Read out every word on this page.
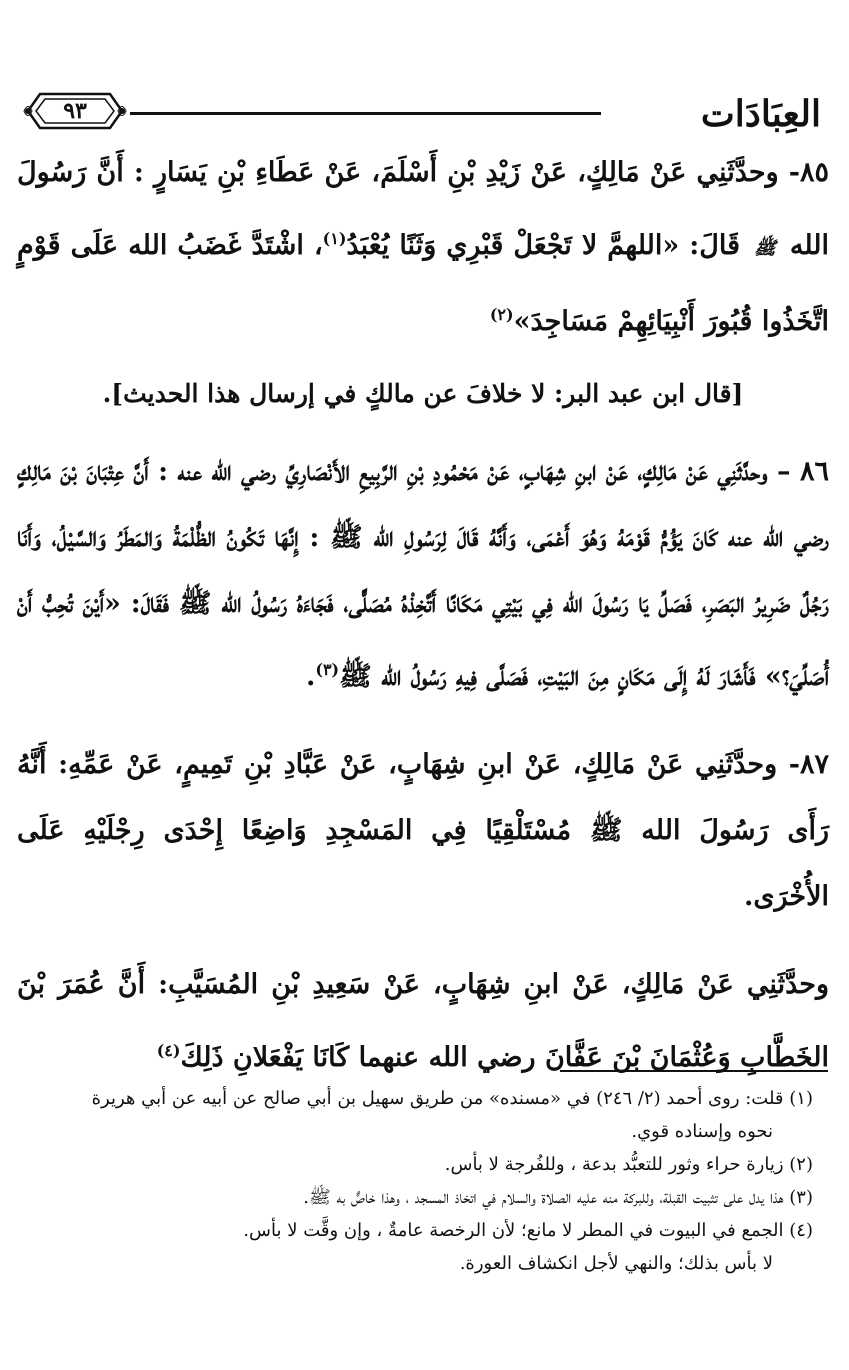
العِبَادَات
٩٣

٨٥- وحدَّثَنِي عَنْ مَالِكٍ، عَنْ زَيْدِ بْنِ أَسْلَمَ، عَنْ عَطَاءِ بْنِ يَسَارٍ : أَنَّ رَسُولَ الله ﷺ قَالَ: «اللهمَّ لا تَجْعَلْ قَبْرِي وَثَنًا يُعْبَدُ$^{(١)}$، اشْتَدَّ غَضَبُ الله عَلَى قَوْمٍ اتَّخَذُوا قُبُورَ أَنْبِيَائِهِمْ مَسَاجِدَ»$^{(٢)}$

[قال ابن عبد البر: لا خلافَ عن مالكٍ في إرسال هذا الحديث].

٨٦ – وحدَّثَنِي عَنْ مَالِكٍ، عَنْ ابنِ شِهَابٍ، عَنْ مَحْمُودِ بْنِ الرَّبِيعِ الأَنْصَارِيِّ رضي الله عنه : أَنَّ عِتْبَانَ بْنَ مَالِكٍ رضي الله عنه كَانَ يَؤُمُّ قَوْمَهُ وَهُوَ أَعْمَى، وَأَنَّهُ قَالَ لِرَسُولِ الله ﷺ : إِنَّهَا تَكُونُ الظُّلْمَةُ وَالمَطَرُ وَالسَّيْلُ، وَأَنَا رَجُلٌ ضَرِيرُ البَصَرِ، فَصَلِّ يَا رَسُولَ الله فِي بَيْتِي مَكَانًا أَتَّخِذْهُ مُصَلًّى، فَجَاءَهُ رَسُولُ الله ﷺ فَقَالَ: «أَيْنَ تُحِبُّ أَنْ أُصَلِّيَ؟» فَأَشَارَ لَهُ إِلَى مَكَانٍ مِنَ البَيْتِ، فَصَلَّى فِيهِ رَسُولُ الله ﷺ$^{(٣)}$.

٨٧- وحدَّثَنِي عَنْ مَالِكٍ، عَنْ ابنِ شِهَابٍ، عَنْ عَبَّادِ بْنِ تَمِيمٍ، عَنْ عَمِّهِ: أَنَّهُ رَأَى رَسُولَ الله ﷺ مُسْتَلْقِيًا فِي المَسْجِدِ وَاضِعًا إِحْدَى رِجْلَيْهِ عَلَى الأُخْرَى.

وحدَّثَنِي عَنْ مَالِكٍ، عَنْ ابنِ شِهَابٍ، عَنْ سَعِيدِ بْنِ المُسَيَّبِ: أَنَّ عُمَرَ بْنَ الخَطَّابِ وَعُثْمَانَ بْنَ عَفَّانَ رضي الله عنهما كَانَا يَفْعَلانِ ذَلِكَ$^{(٤)}$

(١) قلت: روى أحمد (٢/ ٢٤٦) في «مسنده» من طريق سهيل بن أبي صالح عن أبيه عن أبي هريرة

نحوه وإسناده قوي.

(٢) زيارة حراء وثور للتعبُّد بدعة ، وللفُرجة لا بأس.

(٣) هذا يدل على تثبيت القبلة، وللبركة منه عليه الصلاة والسلام في اتخاذ المسجد ، وهذا خاصٌّ به ﷺ.

(٤) الجمع في البيوت في المطر لا مانع؛ لأن الرخصة عامةٌ ، وإن وقَّت لا بأس.

لا بأس بذلك؛ والنهي لأجل انكشاف العورة.
